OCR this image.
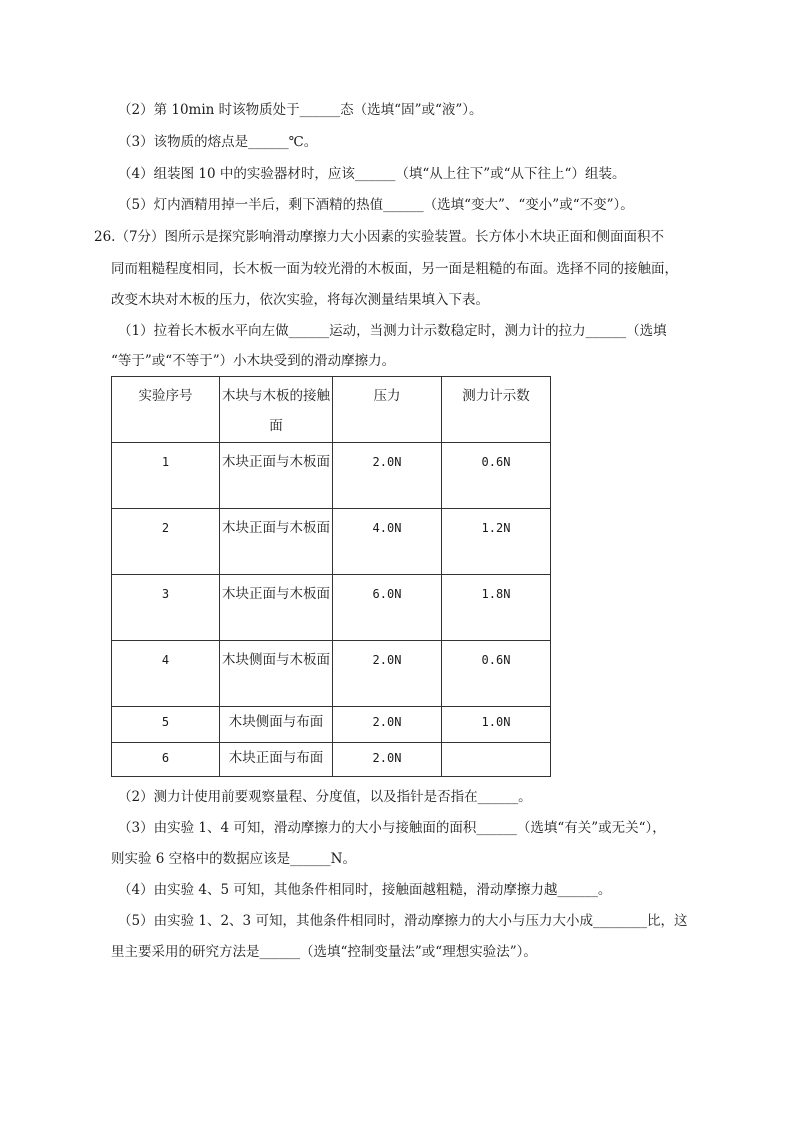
（2）第 10min 时该物质处于______态（选填“固”或“液”）。
（3）该物质的熔点是______℃。
（4）组装图 10 中的实验器材时，应该______（填“从上往下”或“从下往上“）组装。
（5）灯内酒精用掉一半后，剩下酒精的热值______（选填“变大”、“变小”或“不变”）。
26.（7分）图所示是探究影响滑动摩擦力大小因素的实验装置。长方体小木块正面和侧面面积不
同而粗糙程度相同，长木板一面为较光滑的木板面，另一面是粗糙的布面。选择不同的接触面，
改变木块对木板的压力，依次实验，将每次测量结果填入下表。
（1）拉着长木板水平向左做______运动，当测力计示数稳定时，测力计的拉力______（选填
“等于”或“不等于”）小木块受到的滑动摩擦力。
实验序号	木块与木板的接触面	压力	测力计示数
1	木块正面与木板面	2.0N	0.6N
2	木块正面与木板面	4.0N	1.2N
3	木块正面与木板面	6.0N	1.8N
4	木块侧面与木板面	2.0N	0.6N
5	木块侧面与布面	2.0N	1.0N
6	木块正面与布面	2.0N	
（2）测力计使用前要观察量程、分度值，以及指针是否指在______。
（3）由实验 1、4 可知，滑动摩擦力的大小与接触面的面积______（选填“有关”或无关“），
则实验 6 空格中的数据应该是______N。
（4）由实验 4、5 可知，其他条件相同时，接触面越粗糙，滑动摩擦力越______。
（5）由实验 1、2、3 可知，其他条件相同时，滑动摩擦力的大小与压力大小成________比，这
里主要采用的研究方法是______（选填“控制变量法”或“理想实验法”）。
